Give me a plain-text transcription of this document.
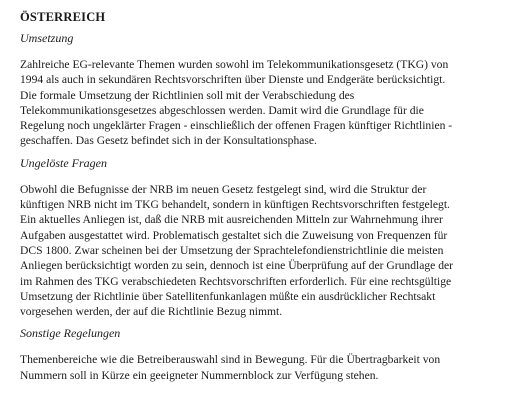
ÖSTERREICH
Umsetzung
Zahlreiche EG-relevante Themen wurden sowohl im Telekommunikationsgesetz (TKG) von
1994 als auch in sekundären Rechtsvorschriften über Dienste und Endgeräte berücksichtigt.
Die formale Umsetzung der Richtlinien soll mit der Verabschiedung des
Telekommunikationsgesetzes abgeschlossen werden. Damit wird die Grundlage für die
Regelung noch ungeklärter Fragen - einschließlich der offenen Fragen künftiger Richtlinien -
geschaffen. Das Gesetz befindet sich in der Konsultationsphase.
Ungelöste Fragen
Obwohl die Befugnisse der NRB im neuen Gesetz festgelegt sind, wird die Struktur der
künftigen NRB nicht im TKG behandelt, sondern in künftigen Rechtsvorschriften festgelegt.
Ein aktuelles Anliegen ist, daß die NRB mit ausreichenden Mitteln zur Wahrnehmung ihrer
Aufgaben ausgestattet wird. Problematisch gestaltet sich die Zuweisung von Frequenzen für
DCS 1800. Zwar scheinen bei der Umsetzung der Sprachtelefondienstrichtlinie die meisten
Anliegen berücksichtigt worden zu sein, dennoch ist eine Überprüfung auf der Grundlage der
im Rahmen des TKG verabschiedeten Rechtsvorschriften erforderlich. Für eine rechtsgültige
Umsetzung der Richtlinie über Satellitenfunkanlagen müßte ein ausdrücklicher Rechtsakt
vorgesehen werden, der auf die Richtlinie Bezug nimmt.
Sonstige Regelungen
Themenbereiche wie die Betreiberauswahl sind in Bewegung. Für die Übertragbarkeit von
Nummern soll in Kürze ein geeigneter Nummernblock zur Verfügung stehen.
